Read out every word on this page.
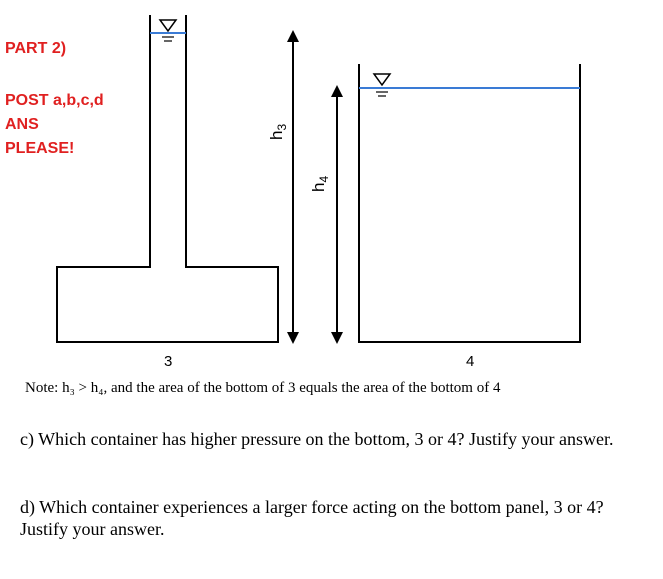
PART 2)
POST a,b,c,d
ANS
PLEASE!
$h_3$
$h_4$
3	4
Note: h₃ > h₄, and the area of the bottom of 3 equals the area of the bottom of 4
c) Which container has higher pressure on the bottom, 3 or 4? Justify your answer.
d) Which container experiences a larger force acting on the bottom panel, 3 or 4? Justify your answer.
